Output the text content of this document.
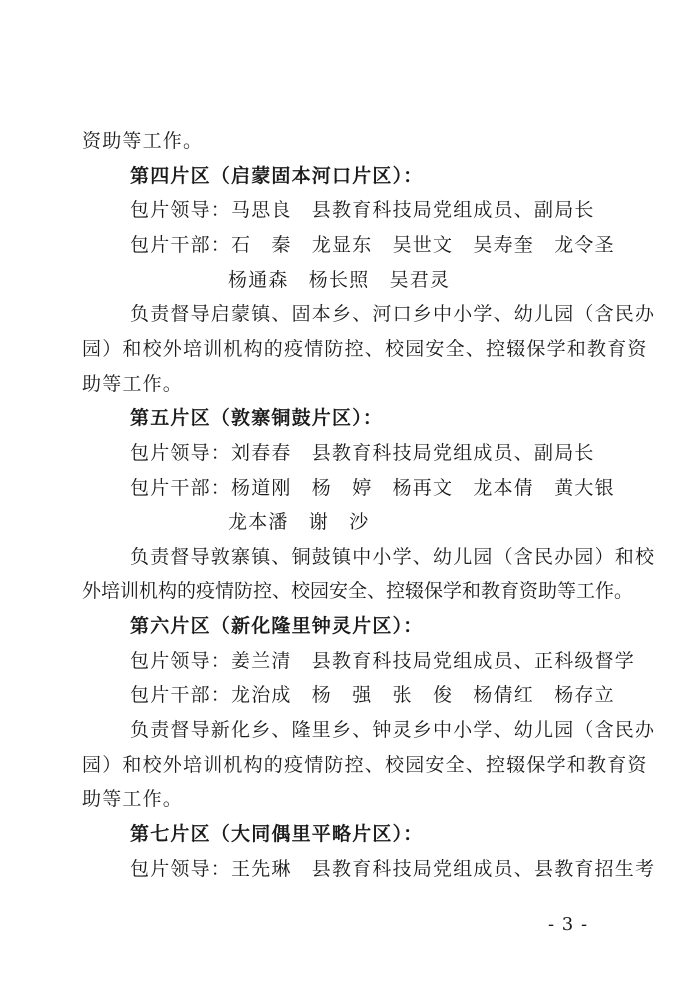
- 3 -
资助等工作。
第四片区（启蒙固本河口片区）：
包片领导：马思良　县教育科技局党组成员、副局长
包片干部：石　秦　龙显东　吴世文　吴寿奎　龙令圣
杨通森　杨长照　吴君灵
负责督导启蒙镇、固本乡、河口乡中小学、幼儿园（含民办
园）和校外培训机构的疫情防控、校园安全、控辍保学和教育资
助等工作。
第五片区（敦寨铜鼓片区）：
包片领导：刘春春　县教育科技局党组成员、副局长
包片干部：杨道刚　杨　婷　杨再文　龙本倩　黄大银
龙本潘　谢　沙
负责督导敦寨镇、铜鼓镇中小学、幼儿园（含民办园）和校
外培训机构的疫情防控、校园安全、控辍保学和教育资助等工作。
第六片区（新化隆里钟灵片区）：
包片领导：姜兰清　县教育科技局党组成员、正科级督学
包片干部：龙治成　杨　强　张　俊　杨倩红　杨存立
负责督导新化乡、隆里乡、钟灵乡中小学、幼儿园（含民办
园）和校外培训机构的疫情防控、校园安全、控辍保学和教育资
助等工作。
第七片区（大同偶里平略片区）：
包片领导：王先琳　县教育科技局党组成员、县教育招生考
